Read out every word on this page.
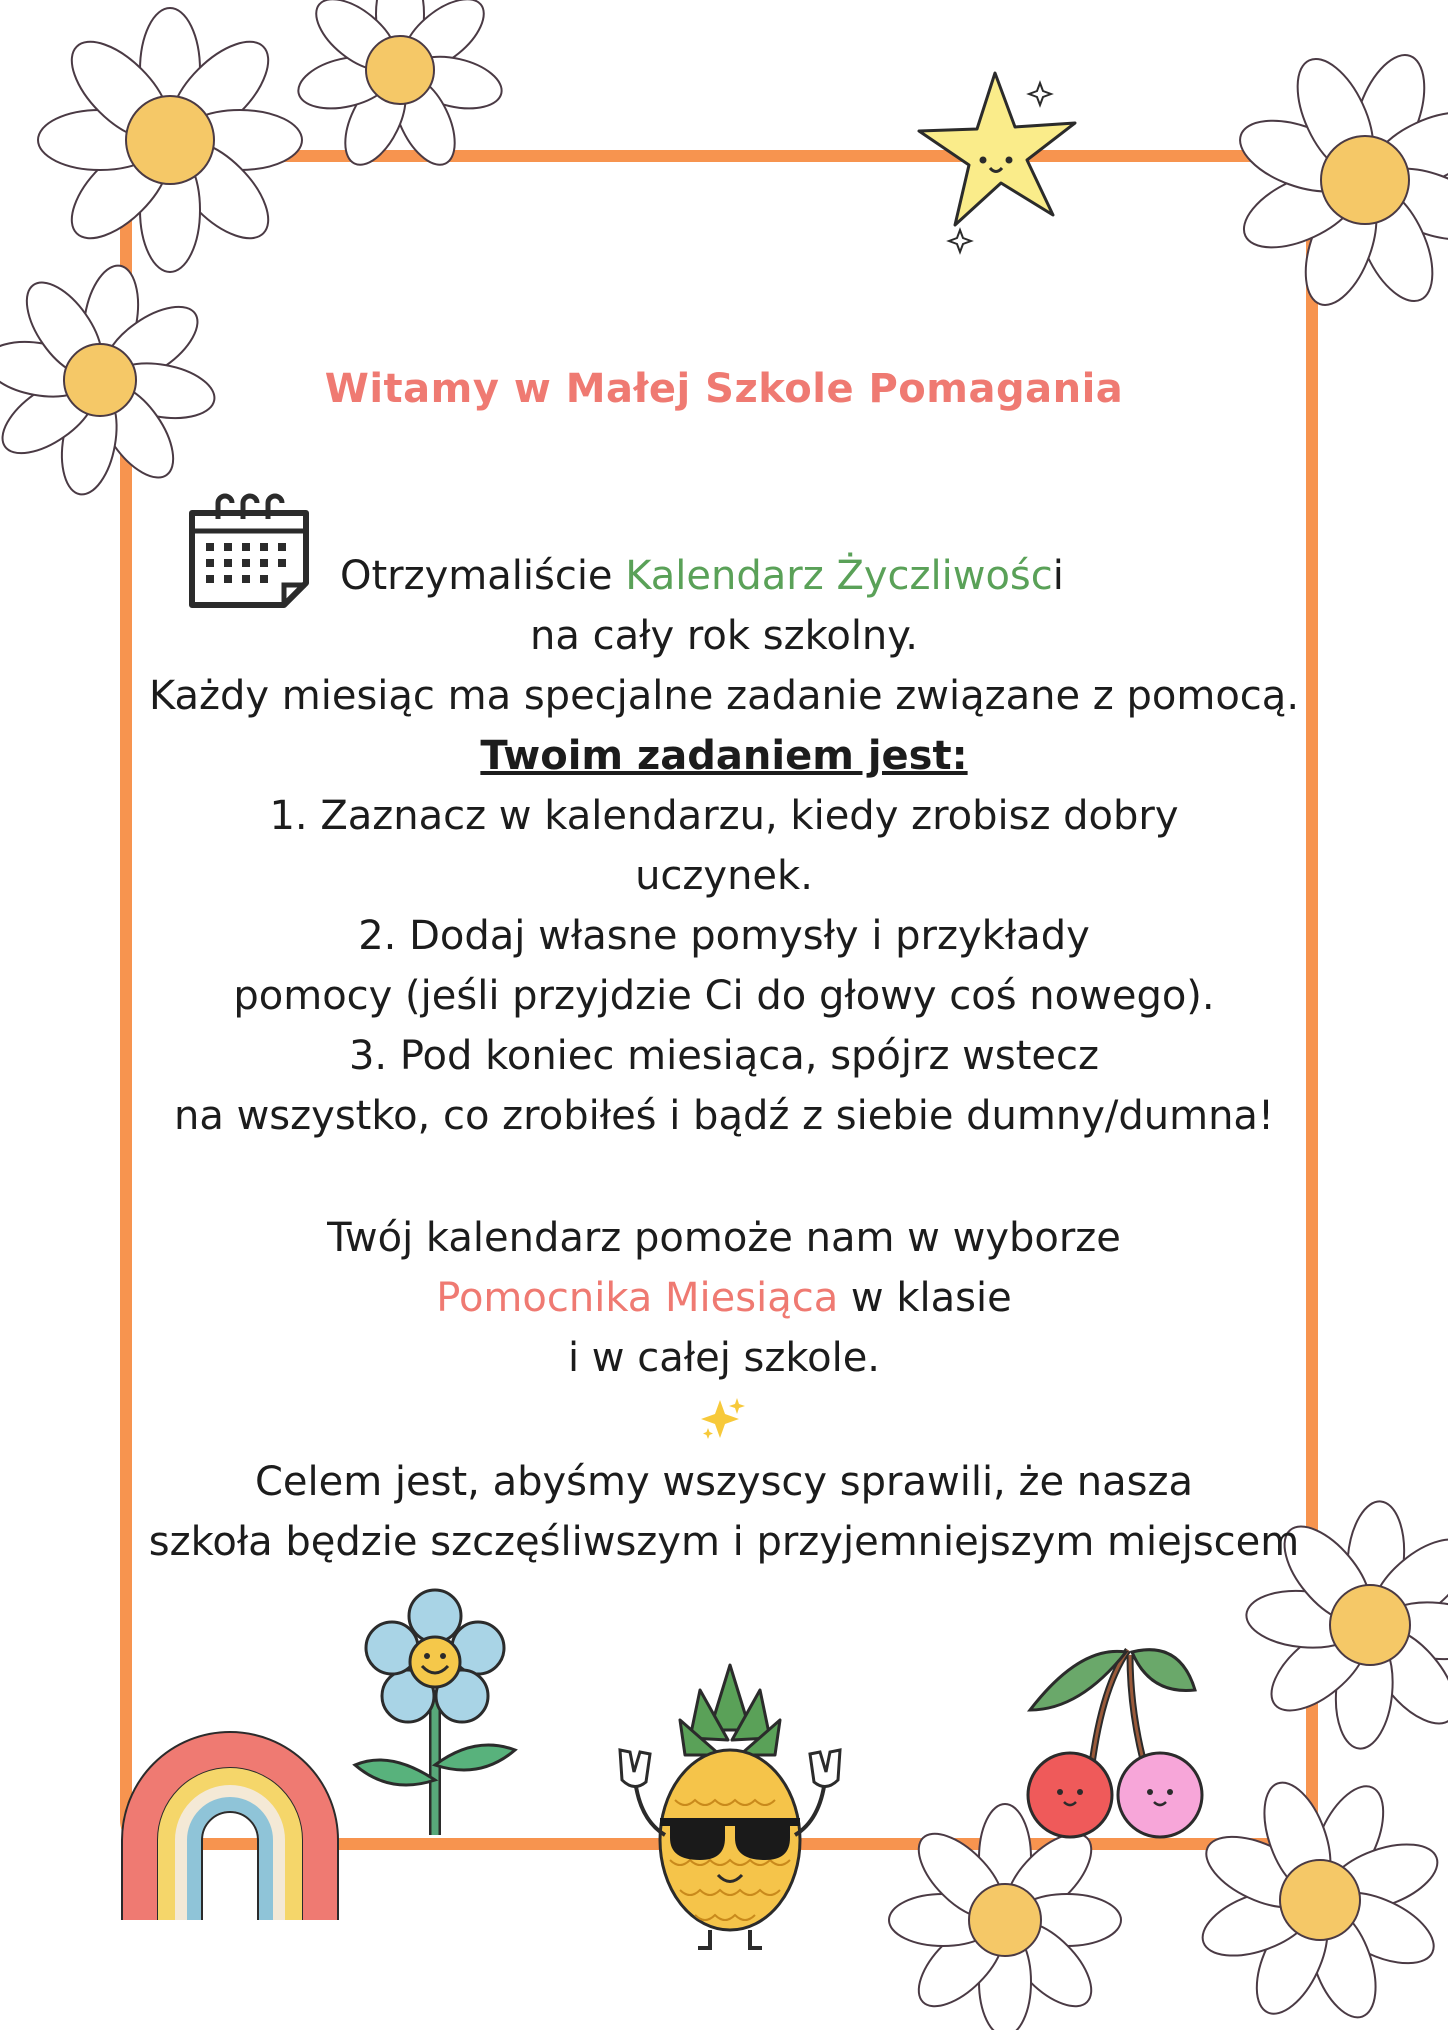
Witamy w Małej Szkole Pomagania

Otrzymaliście Kalendarz Życzliwości

na cały rok szkolny.

Każdy miesiąc ma specjalne zadanie związane z pomocą.

Twoim zadaniem jest:

1. Zaznacz w kalendarzu, kiedy zrobisz dobry

uczynek.

2. Dodaj własne pomysły i przykłady

pomocy (jeśli przyjdzie Ci do głowy coś nowego).

3. Pod koniec miesiąca, spójrz wstecz

na wszystko, co zrobiłeś i bądź z siebie dumny/dumna!

Twój kalendarz pomoże nam w wyborze

Pomocnika Miesiąca w klasie

i w całej szkole.

Celem jest, abyśmy wszyscy sprawili, że nasza

szkoła będzie szczęśliwszym i przyjemniejszym miejscem
